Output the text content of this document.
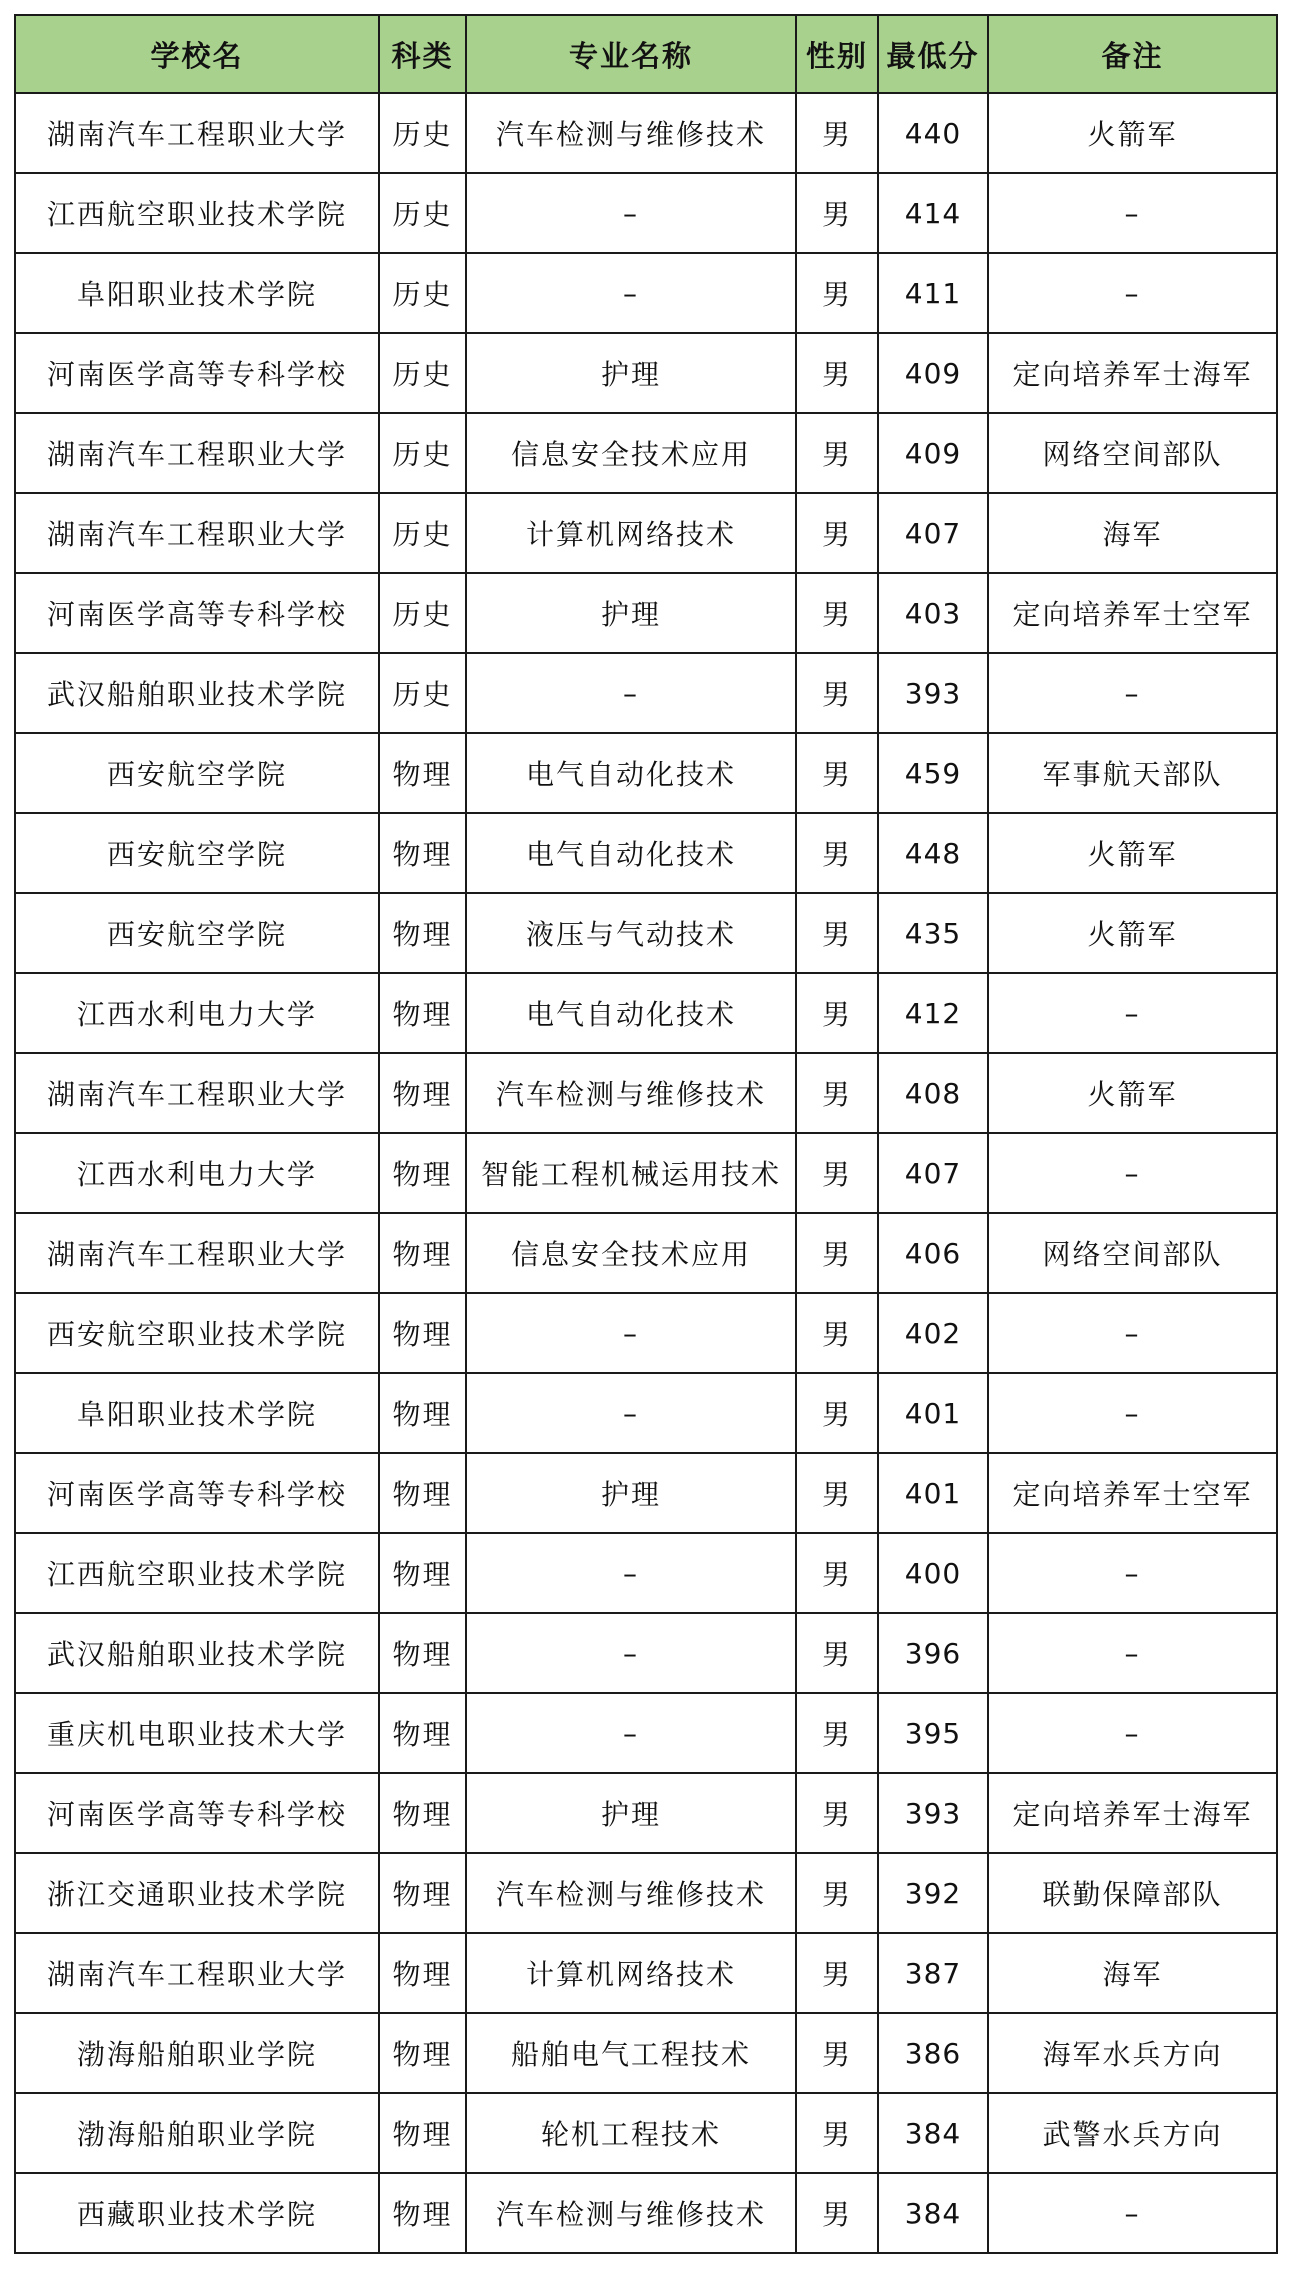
学校名	科类	专业名称	性别	最低分	备注
湖南汽车工程职业大学	历史	汽车检测与维修技术	男	440	火箭军
江西航空职业技术学院	历史	–	男	414	–
阜阳职业技术学院	历史	–	男	411	–
河南医学高等专科学校	历史	护理	男	409	定向培养军士海军
湖南汽车工程职业大学	历史	信息安全技术应用	男	409	网络空间部队
湖南汽车工程职业大学	历史	计算机网络技术	男	407	海军
河南医学高等专科学校	历史	护理	男	403	定向培养军士空军
武汉船舶职业技术学院	历史	–	男	393	–
西安航空学院	物理	电气自动化技术	男	459	军事航天部队
西安航空学院	物理	电气自动化技术	男	448	火箭军
西安航空学院	物理	液压与气动技术	男	435	火箭军
江西水利电力大学	物理	电气自动化技术	男	412	–
湖南汽车工程职业大学	物理	汽车检测与维修技术	男	408	火箭军
江西水利电力大学	物理	智能工程机械运用技术	男	407	–
湖南汽车工程职业大学	物理	信息安全技术应用	男	406	网络空间部队
西安航空职业技术学院	物理	–	男	402	–
阜阳职业技术学院	物理	–	男	401	–
河南医学高等专科学校	物理	护理	男	401	定向培养军士空军
江西航空职业技术学院	物理	–	男	400	–
武汉船舶职业技术学院	物理	–	男	396	–
重庆机电职业技术大学	物理	–	男	395	–
河南医学高等专科学校	物理	护理	男	393	定向培养军士海军
浙江交通职业技术学院	物理	汽车检测与维修技术	男	392	联勤保障部队
湖南汽车工程职业大学	物理	计算机网络技术	男	387	海军
渤海船舶职业学院	物理	船舶电气工程技术	男	386	海军水兵方向
渤海船舶职业学院	物理	轮机工程技术	男	384	武警水兵方向
西藏职业技术学院	物理	汽车检测与维修技术	男	384	–
